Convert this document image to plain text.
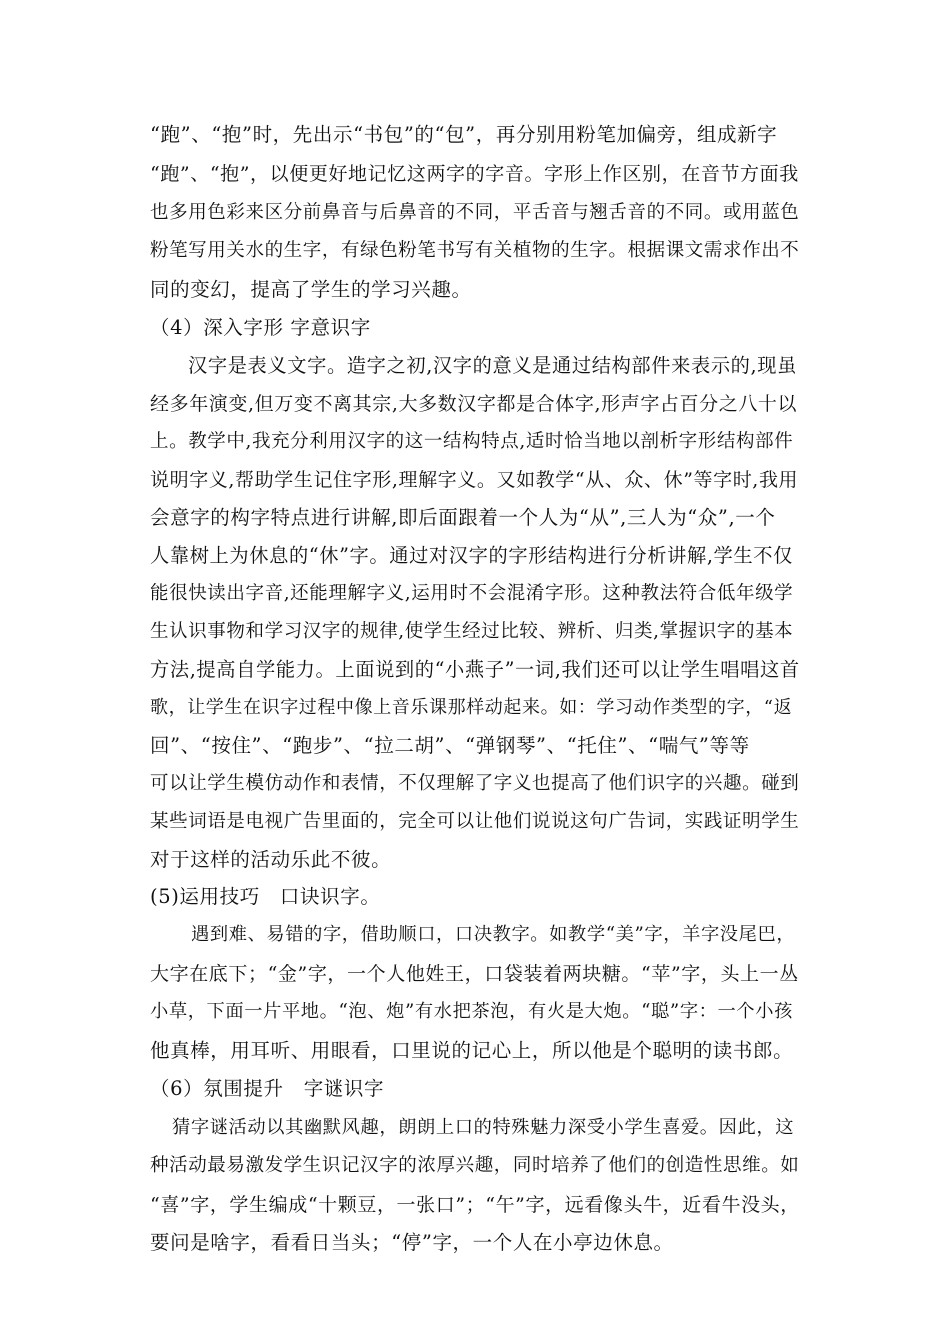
“跑”、“抱”时，先出示“书包”的“包”，再分别用粉笔加偏旁，组成新字
“跑”、“抱”，以便更好地记忆这两字的字音。字形上作区别，在音节方面我
也多用色彩来区分前鼻音与后鼻音的不同，平舌音与翘舌音的不同。或用蓝色
粉笔写用关水的生字，有绿色粉笔书写有关植物的生字。根据课文需求作出不
同的变幻，提高了学生的学习兴趣。
（4）深入字形 字意识字
汉字是表义文字。造字之初,汉字的意义是通过结构部件来表示的,现虽
经多年演变,但万变不离其宗,大多数汉字都是合体字,形声字占百分之八十以
上。教学中,我充分利用汉字的这一结构特点,适时恰当地以剖析字形结构部件
说明字义,帮助学生记住字形,理解字义。又如教学“从、众、休”等字时,我用
会意字的构字特点进行讲解,即后面跟着一个人为“从”,三人为“众”,一个
人靠树上为休息的“休”字。通过对汉字的字形结构进行分析讲解,学生不仅
能很快读出字音,还能理解字义,运用时不会混淆字形。这种教法符合低年级学
生认识事物和学习汉字的规律,使学生经过比较、辨析、归类,掌握识字的基本
方法,提高自学能力。上面说到的“小燕子”一词,我们还可以让学生唱唱这首
歌，让学生在识字过程中像上音乐课那样动起来。如：学习动作类型的字，“返
回”、“按住”、“跑步”、“拉二胡”、“弹钢琴”、“托住”、“喘气”等等
可以让学生模仿动作和表情，不仅理解了字义也提高了他们识字的兴趣。碰到
某些词语是电视广告里面的，完全可以让他们说说这句广告词，实践证明学生
对于这样的活动乐此不彼。
(5)运用技巧　口诀识字。
遇到难、易错的字，借助顺口，口决教字。如教学“美”字，羊字没尾巴，
大字在底下；“金”字，一个人他姓王，口袋装着两块糖。“苹”字，头上一丛
小草，下面一片平地。“泡、炮”有水把茶泡，有火是大炮。“聪”字：一个小孩
他真棒，用耳听、用眼看，口里说的记心上，所以他是个聪明的读书郎。
（6）氛围提升　字谜识字
猜字谜活动以其幽默风趣，朗朗上口的特殊魅力深受小学生喜爱。因此，这
种活动最易激发学生识记汉字的浓厚兴趣，同时培养了他们的创造性思维。如
“喜”字，学生编成“十颗豆，一张口”；“午”字，远看像头牛，近看牛没头，
要问是啥字，看看日当头；“停”字，一个人在小亭边休息。
